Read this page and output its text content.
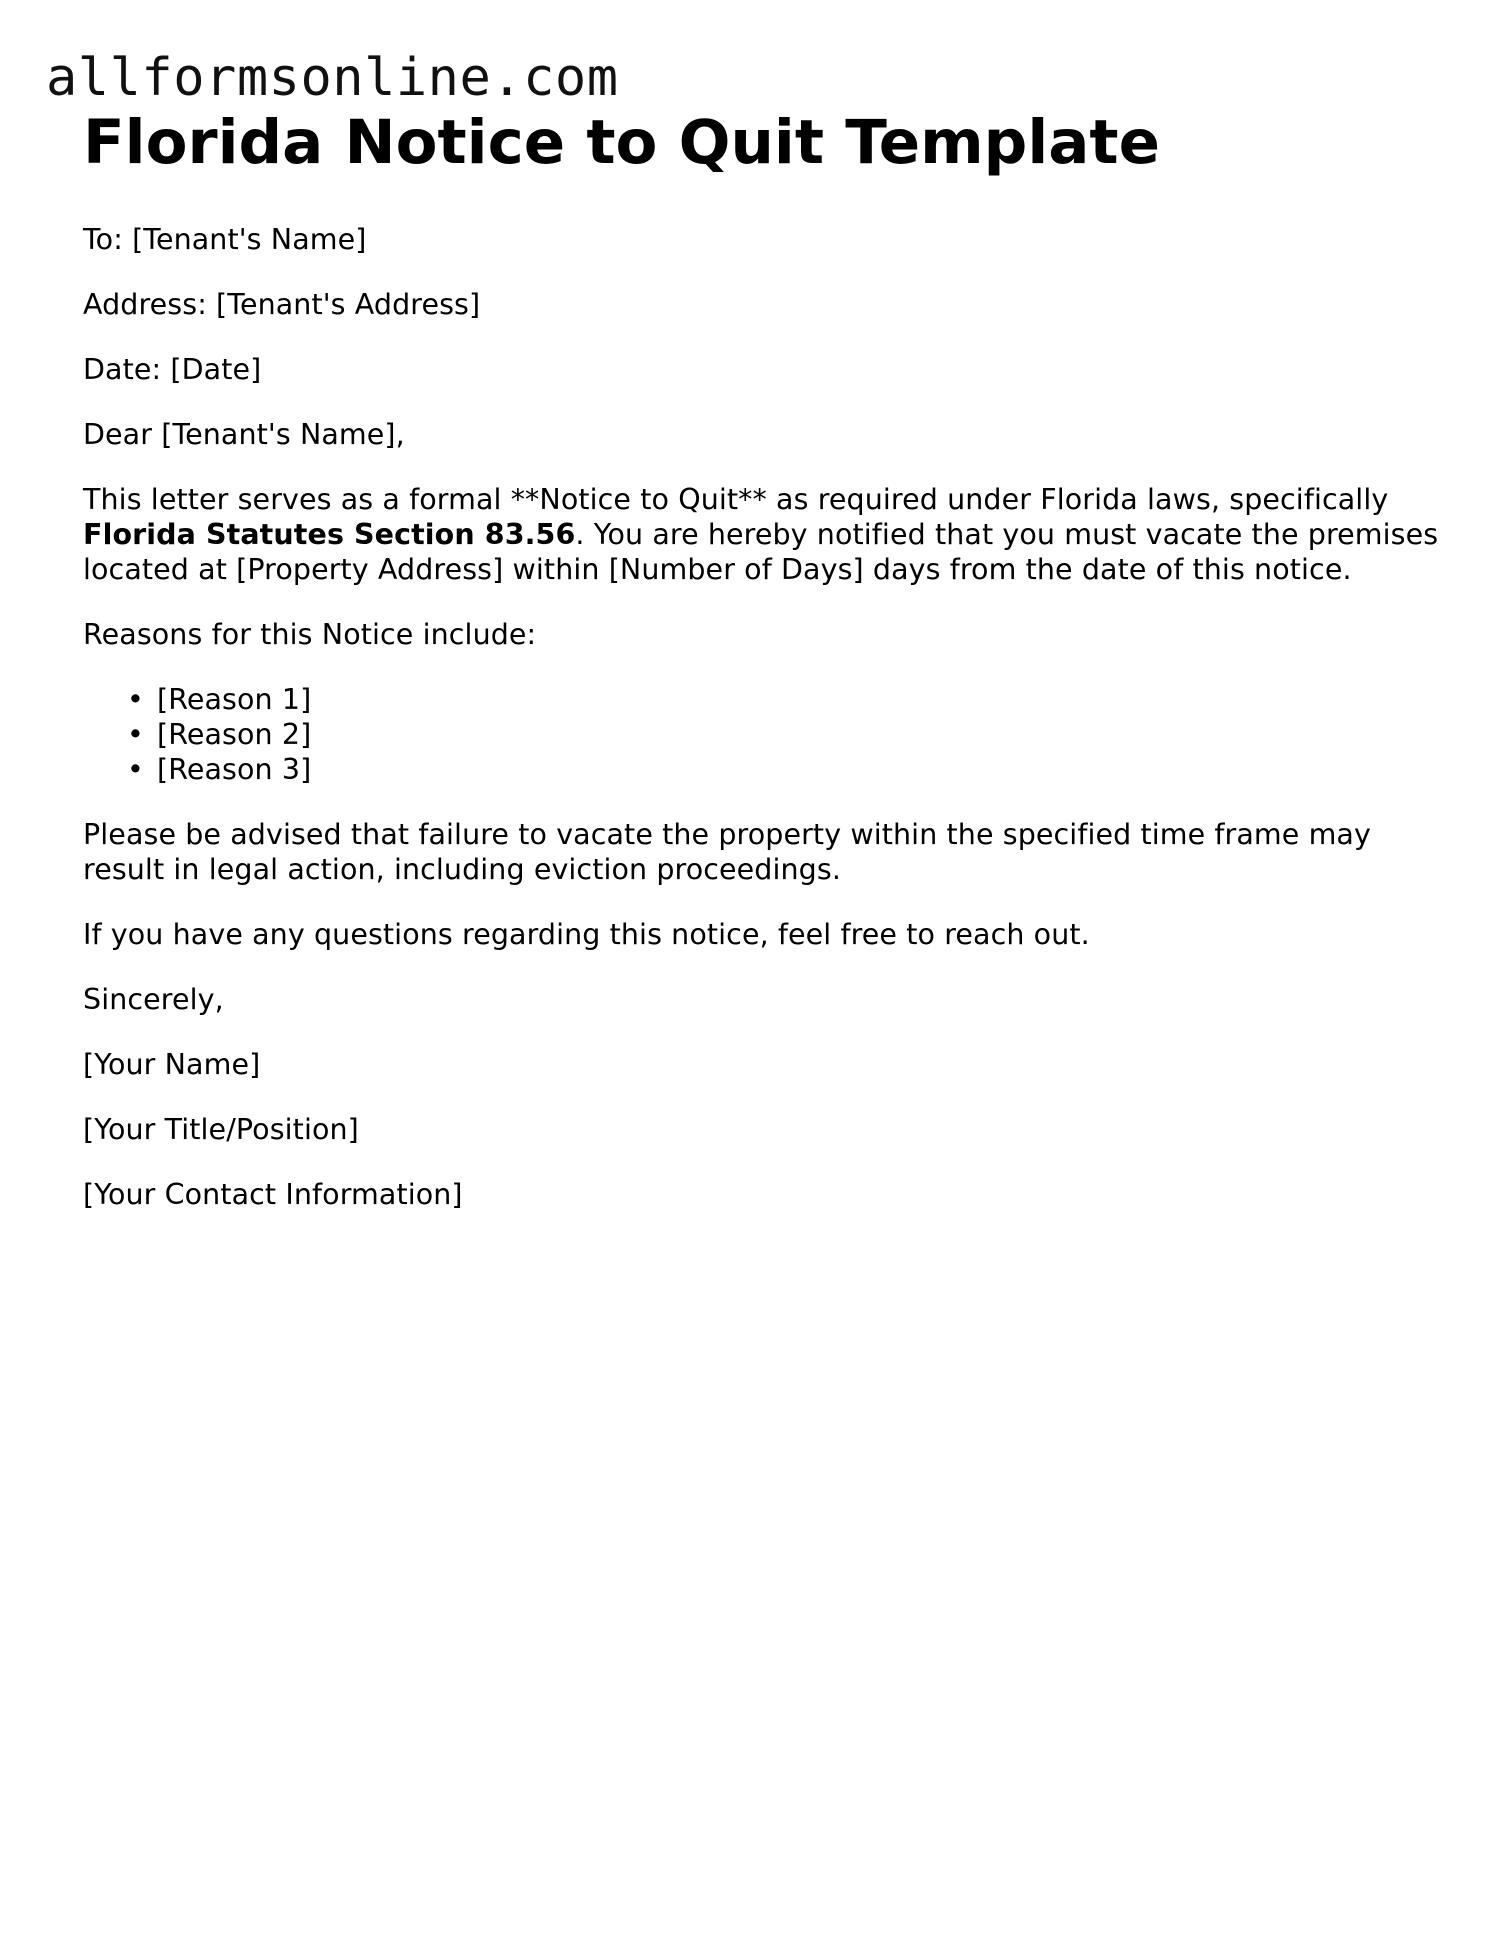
allformsonline.com
Florida Notice to Quit Template

To: [Tenant's Name]

Address: [Tenant's Address]

Date: [Date]

Dear [Tenant's Name],

This letter serves as a formal **Notice to Quit** as required under Florida laws, specifically Florida Statutes Section 83.56. You are hereby notified that you must vacate the premises located at [Property Address] within [Number of Days] days from the date of this notice.

Reasons for this Notice include:

• [Reason 1]
• [Reason 2]
• [Reason 3]

Please be advised that failure to vacate the property within the specified time frame may result in legal action, including eviction proceedings.

If you have any questions regarding this notice, feel free to reach out.

Sincerely,

[Your Name]

[Your Title/Position]

[Your Contact Information]
